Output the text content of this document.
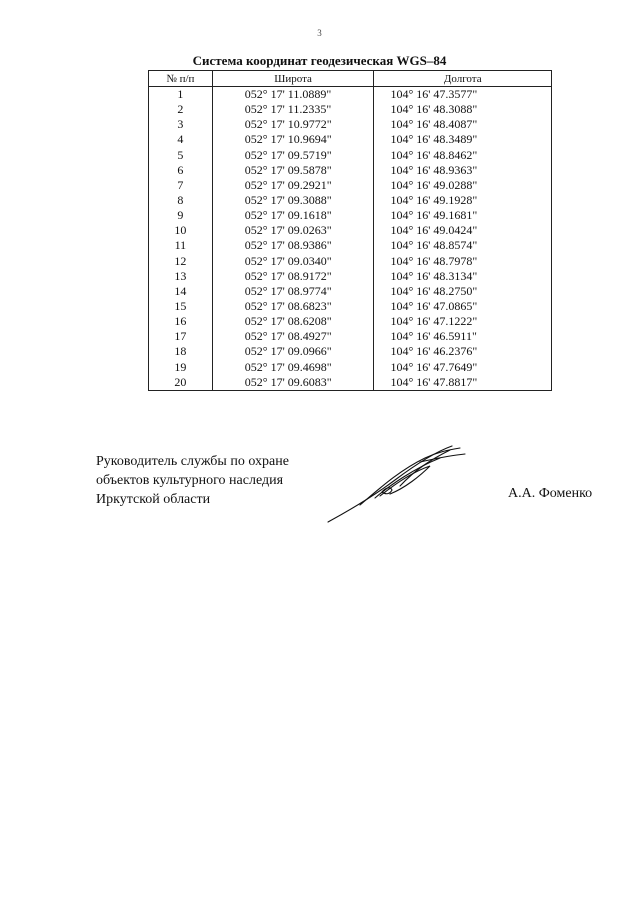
3
Система координат геодезическая WGS–84
№ п/п	Широта	Долгота
1	052° 17' 11.0889"	104° 16' 47.3577"
2	052° 17' 11.2335"	104° 16' 48.3088"
3	052° 17' 10.9772"	104° 16' 48.4087"
4	052° 17' 10.9694"	104° 16' 48.3489"
5	052° 17' 09.5719"	104° 16' 48.8462"
6	052° 17' 09.5878"	104° 16' 48.9363"
7	052° 17' 09.2921"	104° 16' 49.0288"
8	052° 17' 09.3088"	104° 16' 49.1928"
9	052° 17' 09.1618"	104° 16' 49.1681"
10	052° 17' 09.0263"	104° 16' 49.0424"
11	052° 17' 08.9386"	104° 16' 48.8574"
12	052° 17' 09.0340"	104° 16' 48.7978"
13	052° 17' 08.9172"	104° 16' 48.3134"
14	052° 17' 08.9774"	104° 16' 48.2750"
15	052° 17' 08.6823"	104° 16' 47.0865"
16	052° 17' 08.6208"	104° 16' 47.1222"
17	052° 17' 08.4927"	104° 16' 46.5911"
18	052° 17' 09.0966"	104° 16' 46.2376"
19	052° 17' 09.4698"	104° 16' 47.7649"
20	052° 17' 09.6083"	104° 16' 47.8817"
Руководитель службы по охране
объектов культурного наследия
Иркутской области	А.А. Фоменко
